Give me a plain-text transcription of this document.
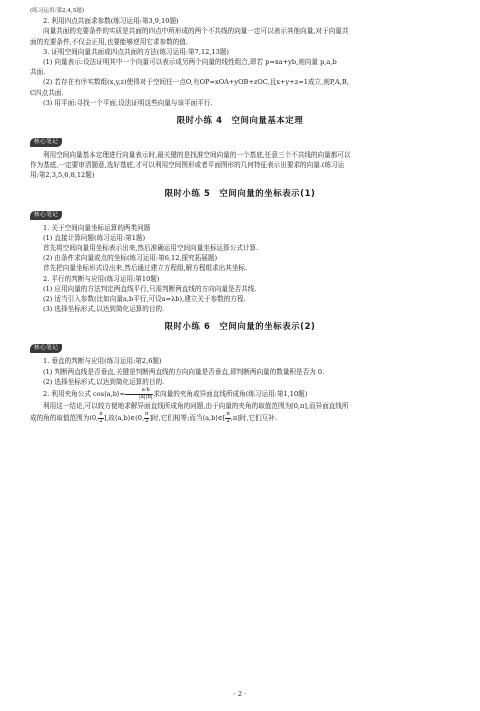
(练习运用:第2,4,5题)

2. 利用四点共面求参数(练习运用:第3,9,10题)

向量共面的充要条件的实质是共面的四点中所形成的两个不共线的向量一定可以表示其他向量,对于向量共

面的充要条件,不仅会正用,也要能够逆用它求参数的值.

3. 证明空间向量共面或四点共面的方法(练习运用:第7,12,13题)

(1) 向量表示:设法证明其中一个向量可以表示成另两个向量的线性组合,即若 p=xa+yb,则向量 p,a,b

共面.

(2) 若存在有序实数组(x,y,z)使得对于空间任一点O,有OP=xOA+yOB+zOC,且x+y+z=1成立,则P,A,B,

C四点共面.

(3) 用平面:寻找一个平面,设法证明这些向量与该平面平行.

限时小练 4　空间向量基本定理
核心笔记

利用空间向量基本定理进行向量表示时,最关键的是找准空间向量的一个基底,任意三个不共线的向量都可以

作为基底,一定要审清题意,选好基底,才可以利用空间图形或者平面图形的几何特征表示出要求的向量.(练习运

用:第2,3,5,6,8,12题)

限时小练 5　空间向量的坐标表示(1)
核心笔记

1. 关于空间向量坐标运算的两类问题

(1) 直接计算问题(练习运用:第1题)

首先将空间向量用坐标表示出来,然后准确运用空间向量坐标运算公式计算.

(2) 由条件求向量或点的坐标(练习运用:第6,12,探究拓展题)

首先把向量坐标形式设出来,然后通过建立方程组,解方程组求出其坐标.

2. 平行的判断与应用(练习运用:第10题)

(1) 应用向量的方法判定两直线平行,只需判断两直线的方向向量是否共线.

(2) 适当引入参数(比如向量a,b平行,可设a=λb),建立关于参数的方程.

(3) 选择坐标形式,以达到简化运算的目的.

限时小练 6　空间向量的坐标表示(2)
核心笔记

1. 垂直的判断与应用(练习运用:第2,6题)

(1) 判断两直线是否垂直,关键是判断两直线的方向向量是否垂直,即判断两向量的数量积是否为 0.

(2) 选择坐标形式,以达到简化运算的目的.

2. 利用夹角公式 cos⟨a,b⟩= $\frac{a\cdot b}{|a||b|}$ 求向量的夹角或异面直线所成角(练习运用:第1,10题)

利用这一结论,可以较方便地求解异面直线所成角的问题,由于向量的夹角的取值范围为[0,π],而异面直线所

成的角的取值范围为(0, $\frac{\pi}{2}$ ],故⟨a,b⟩∈(0, $\frac{\pi}{2}$ ]时,它们相等;而当⟨a,b⟩∈[ $\frac{\pi}{2} ,\pi$]时,它们互补.

· 2 ·
